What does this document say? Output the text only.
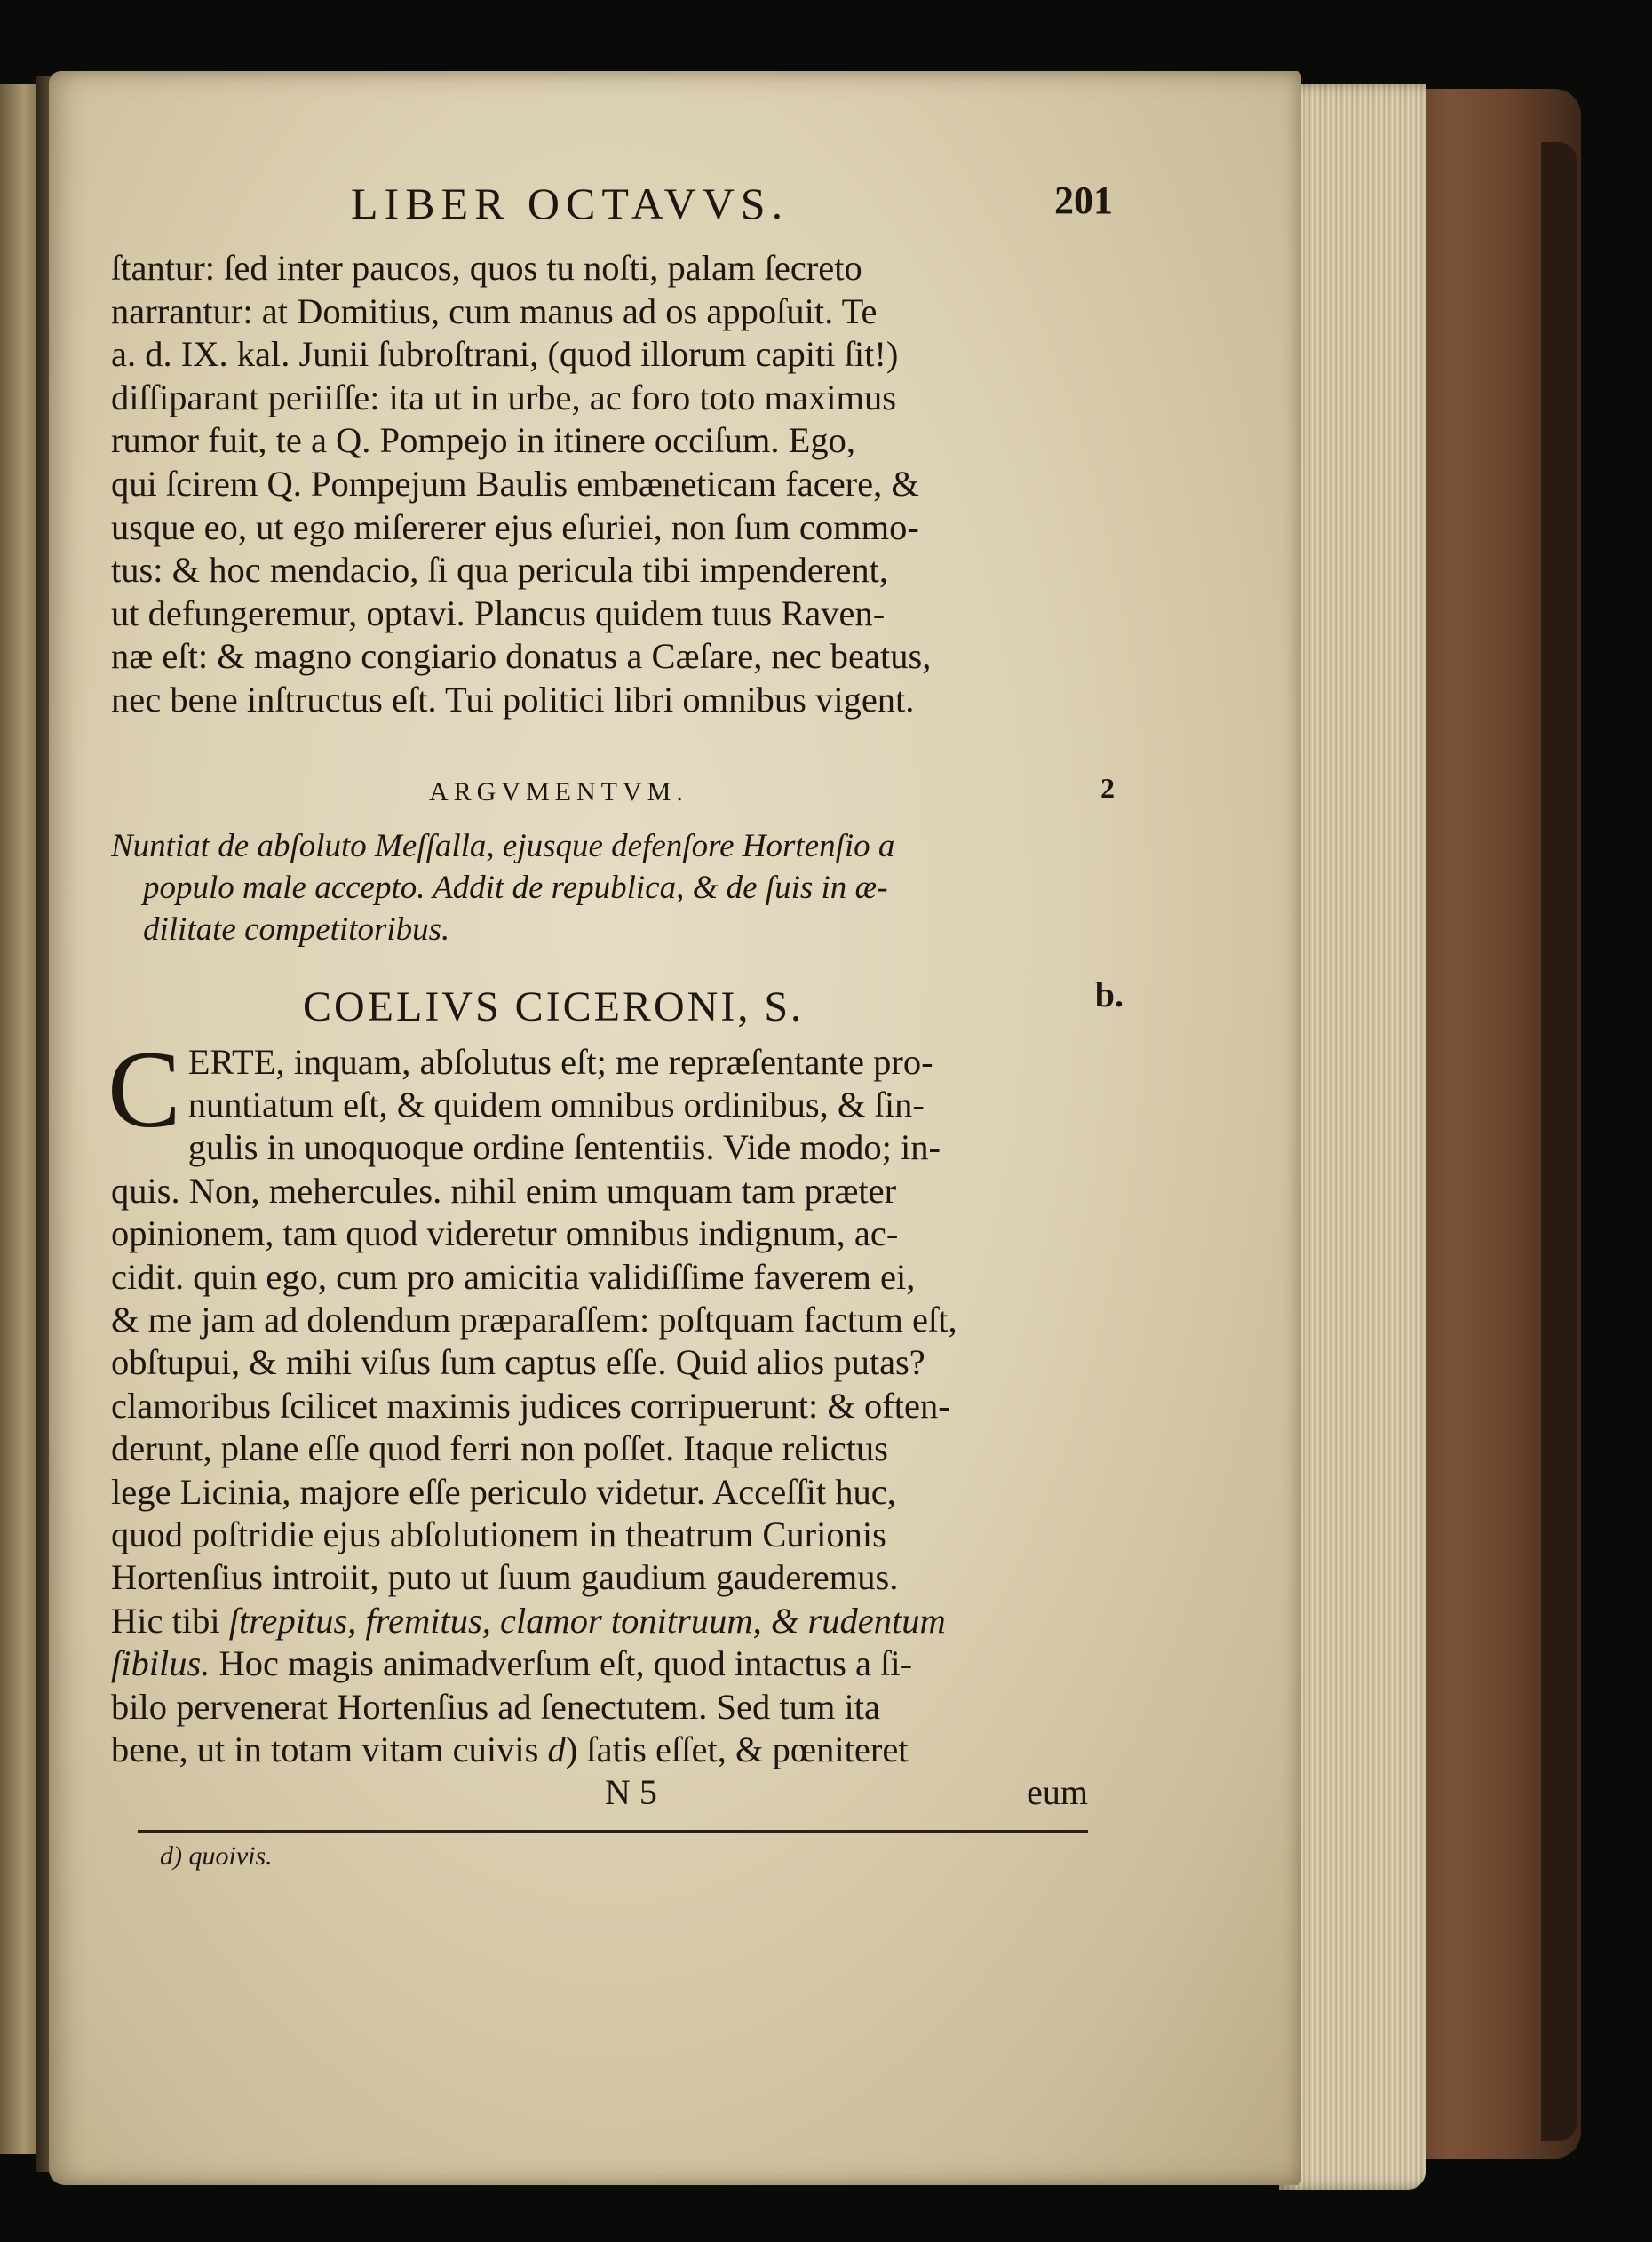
LIBER OCTAVVS.	201
ſtantur: ſed inter paucos, quos tu noſti, palam ſecreto
narrantur: at Domitius, cum manus ad os appoſuit. Te
a. d. IX. kal. Junii ſubroſtrani, (quod illorum capiti ſit!)
diſſiparant periiſſe: ita ut in urbe, ac foro toto maximus
rumor fuit, te a Q. Pompejo in itinere occiſum. Ego,
qui ſcirem Q. Pompejum Baulis embæneticam facere, &
usque eo, ut ego miſererer ejus eſuriei, non ſum commo-
tus: & hoc mendacio, ſi qua pericula tibi impenderent,
ut defungeremur, optavi. Plancus quidem tuus Raven-
næ eſt: & magno congiario donatus a Cæſare, nec beatus,
nec bene inſtructus eſt. Tui politici libri omnibus vigent.
ARGVMENTVM.	2
Nuntiat de abſoluto Meſſalla, ejusque defenſore Hortenſio a
populo male accepto. Addit de republica, & de ſuis in æ-
dilitate competitoribus.
COELIVS CICERONI, S.	b.
C ERTE, inquam, abſolutus eſt; me repræſentante pro-
nuntiatum eſt, & quidem omnibus ordinibus, & ſin-
gulis in unoquoque ordine ſententiis. Vide modo; in-
quis. Non, mehercules. nihil enim umquam tam præter
opinionem, tam quod videretur omnibus indignum, ac-
cidit. quin ego, cum pro amicitia validiſſime faverem ei,
& me jam ad dolendum præparaſſem: poſtquam factum eſt,
obſtupui, & mihi viſus ſum captus eſſe. Quid alios putas?
clamoribus ſcilicet maximis judices corripuerunt: & often-
derunt, plane eſſe quod ferri non poſſet. Itaque relictus
lege Licinia, majore eſſe periculo videtur. Acceſſit huc,
quod poſtridie ejus abſolutionem in theatrum Curionis
Hortenſius introiit, puto ut ſuum gaudium gauderemus.
Hic tibi ſtrepitus, fremitus, clamor tonitruum, & rudentum
ſibilus. Hoc magis animadverſum eſt, quod intactus a ſi-
bilo pervenerat Hortenſius ad ſenectutem. Sed tum ita
bene, ut in totam vitam cuivis d) ſatis eſſet, & pœniteret
N 5	eum
d) quoivis.
